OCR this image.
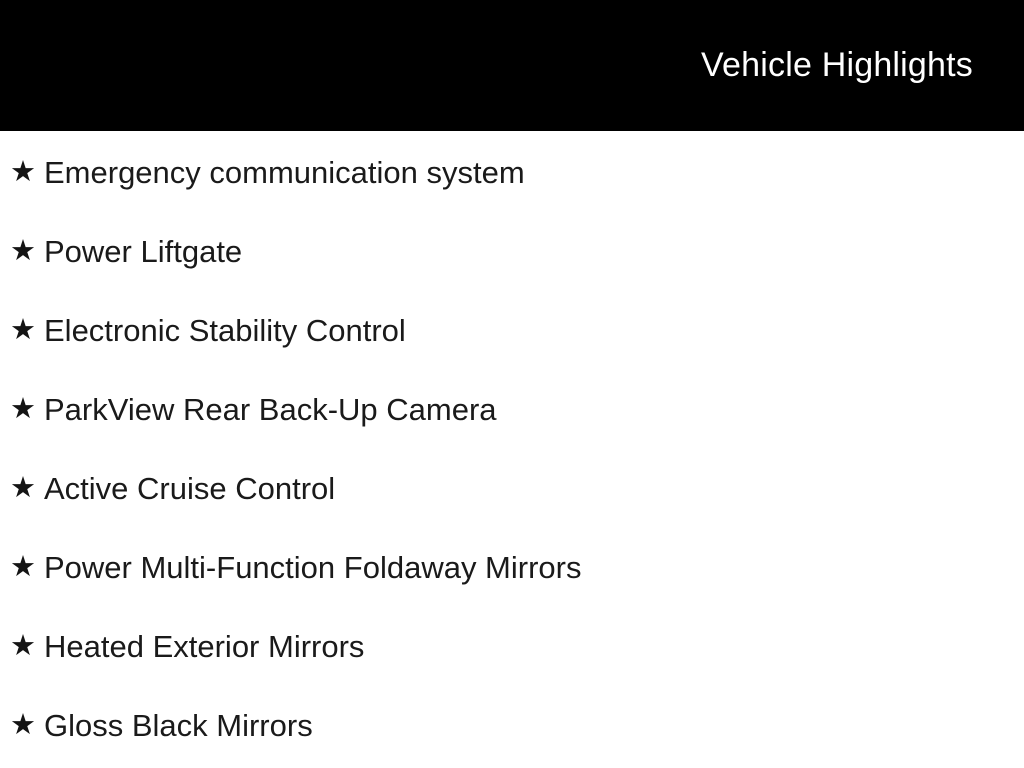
Vehicle Highlights
★ Emergency communication system
★ Power Liftgate
★ Electronic Stability Control
★ ParkView Rear Back-Up Camera
★ Active Cruise Control
★ Power Multi-Function Foldaway Mirrors
★ Heated Exterior Mirrors
★ Gloss Black Mirrors
